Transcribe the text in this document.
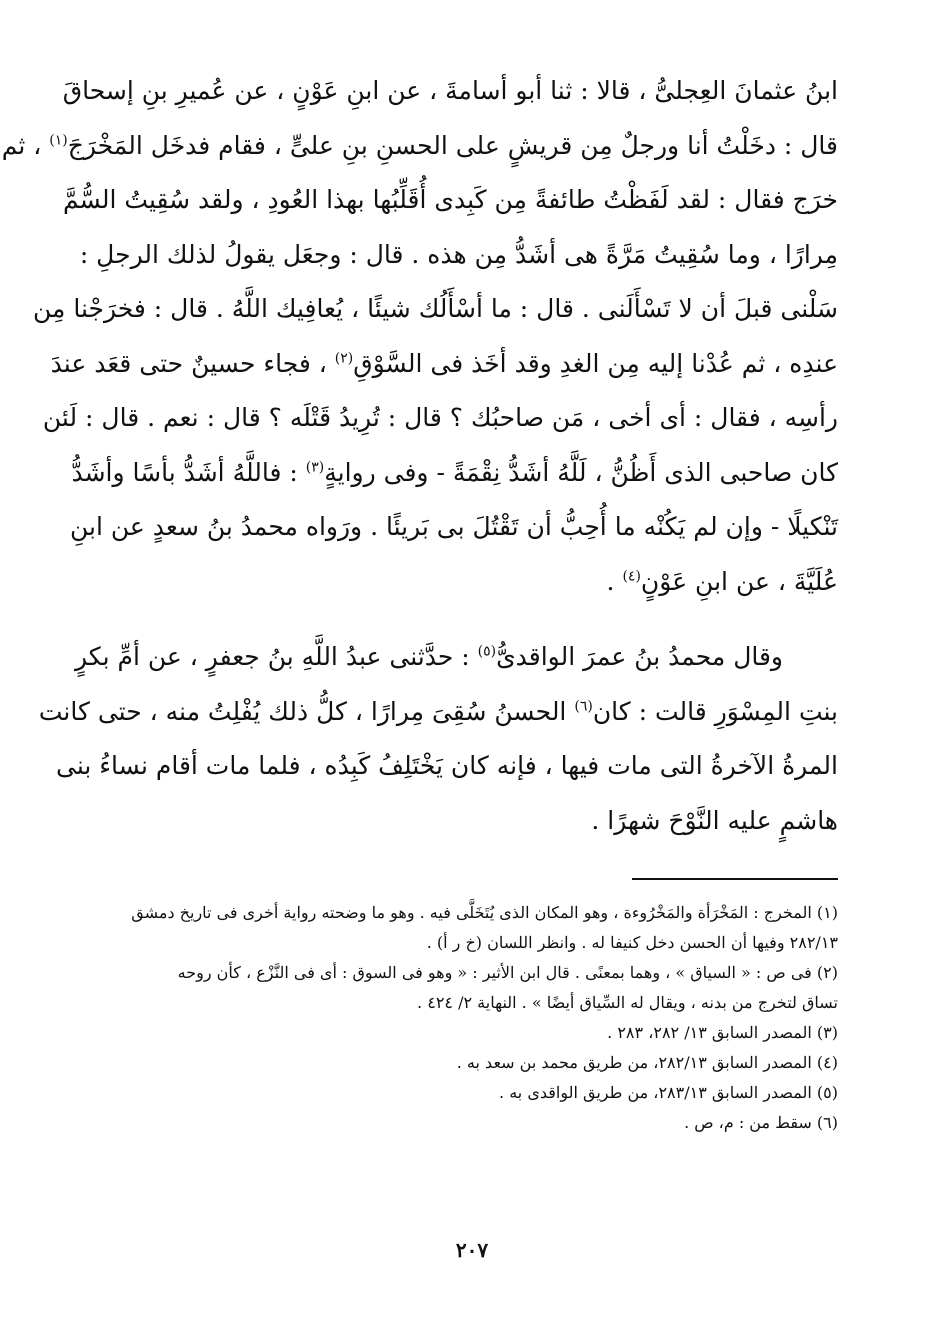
ابنُ عثمانَ العِجلىُّ ، قالا : ثنا أبو أسامةَ ، عن ابنِ عَوْنٍ ، عن عُميرِ بنِ إسحاقَ
قال : دخَلْتُ أنا ورجلٌ مِن قريشٍ على الحسنِ بنِ علىٍّ ، فقام فدخَل المَخْرَجَ$^{(١)}$ ، ثم
خرَج فقال : لقد لَفَظْتُ طائفةً مِن كَبِدى أُقَلِّبُها بهذا العُودِ ، ولقد سُقِيتُ السُّمَّ
مِرارًا ، وما سُقِيتُ مَرَّةً هى أشَدُّ مِن هذه . قال : وجعَل يقولُ لذلك الرجلِ :
سَلْنى قبلَ أن لا تَسْأَلَنى . قال : ما أسْأَلُك شيئًا ، يُعافِيك اللَّهُ . قال : فخرَجْنا مِن
عندِه ، ثم عُدْنا إليه مِن الغدِ وقد أخَذ فى السَّوْقِ$^{(٢)}$ ، فجاء حسينٌ حتى قعَد عندَ
رأسِه ، فقال : أى أخى ، مَن صاحبُك ؟ قال : تُرِيدُ قَتْلَه ؟ قال : نعم . قال : لَئن
كان صاحبى الذى أَظُنُّ ، لَلَّهُ أشَدُّ نِقْمَةً - وفى روايةٍ$^{(٣)}$ : فاللَّهُ أشَدُّ بأسًا وأشَدُّ
تَنْكيلًا - وإن لم يَكُنْه ما أُحِبُّ أن تَقْتُلَ بى بَريئًا . ورَواه محمدُ بنُ سعدٍ عن ابنِ
عُلَيَّةَ ، عن ابنِ عَوْنٍ$^{(٤)}$ .
وقال محمدُ بنُ عمرَ الواقدىُّ$^{(٥)}$ : حدَّثنى عبدُ اللَّهِ بنُ جعفرٍ ، عن أمِّ بكرٍ
بنتِ المِسْوَرِ قالت : كان$^{(٦)}$ الحسنُ سُقِىَ مِرارًا ، كلُّ ذلك يُفْلِتُ منه ، حتى كانت
المرةُ الآخرةُ التى مات فيها ، فإنه كان يَخْتَلِفُ كَبِدُه ، فلما مات أقام نساءُ بنى
هاشمٍ عليه النَّوْحَ شهرًا .
(١) المخرج : المَخْرَأة والمَخْرُوءة ، وهو المكان الذى يُتَخَلَّى فيه . وهو ما وضحته رواية أخرى فى تاريخ دمشق
٢٨٢/١٣ وفيها أن الحسن دخل كنيفا له . وانظر اللسان (خ ر أ) .
(٢) فى ص : « السياق » ، وهما بمعنًى . قال ابن الأثير : « وهو فى السوق : أى فى النَّزْع ، كأن روحه
تساق لتخرج من بدنه ، ويقال له السِّياق أيضًا » . النهاية ٢/ ٤٢٤ .
(٣) المصدر السابق ١٣/ ٢٨٢، ٢٨٣ .
(٤) المصدر السابق ٢٨٢/١٣، من طريق محمد بن سعد به .
(٥) المصدر السابق ٢٨٣/١٣، من طريق الواقدى به .
(٦) سقط من : م، ص .
٢٠٧
